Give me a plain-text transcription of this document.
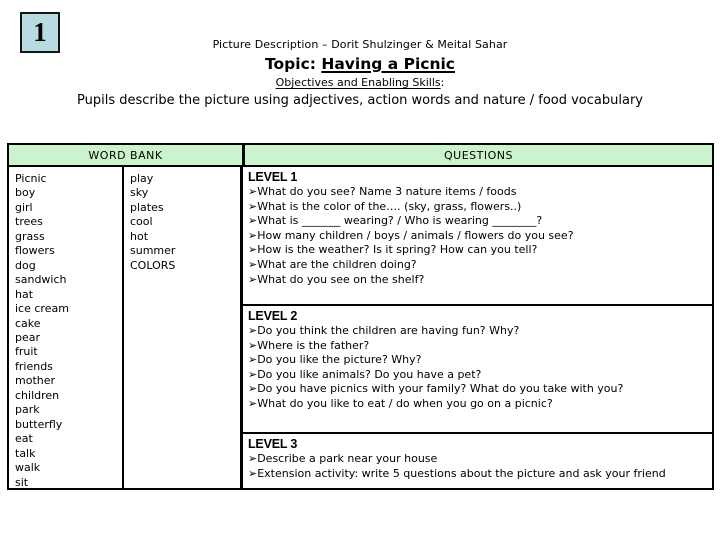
1	Picture Description – Dorit Shulzinger & Meital Sahar
Topic: Having a Picnic
Objectives and Enabling Skills:
Pupils describe the picture using adjectives, action words and nature / food vocabulary
WORD BANK	QUESTIONS
Picnic
boy
girl
trees
grass
flowers
dog
sandwich
hat
ice cream
cake
pear
fruit
friends
mother
children
park
butterfly
eat
talk
walk
sit
play
sky
plates
cool
hot
summer
COLORS
LEVEL 1
➢What do you see? Name 3 nature items / foods
➢What is the color of the…. (sky, grass, flowers..)
➢What is _______ wearing? / Who is wearing ________?
➢How many children / boys / animals / flowers do you see?
➢How is the weather? Is it spring? How can you tell?
➢What are the children doing?
➢What do you see on the shelf?
LEVEL 2
➢Do you think the children are having fun? Why?
➢Where is the father?
➢Do you like the picture? Why?
➢Do you like animals? Do you have a pet?
➢Do you have picnics with your family? What do you take with you?
➢What do you like to eat / do when you go on a picnic?
LEVEL 3
➢Describe a park near your house
➢Extension activity: write 5 questions about the picture and ask your friend
